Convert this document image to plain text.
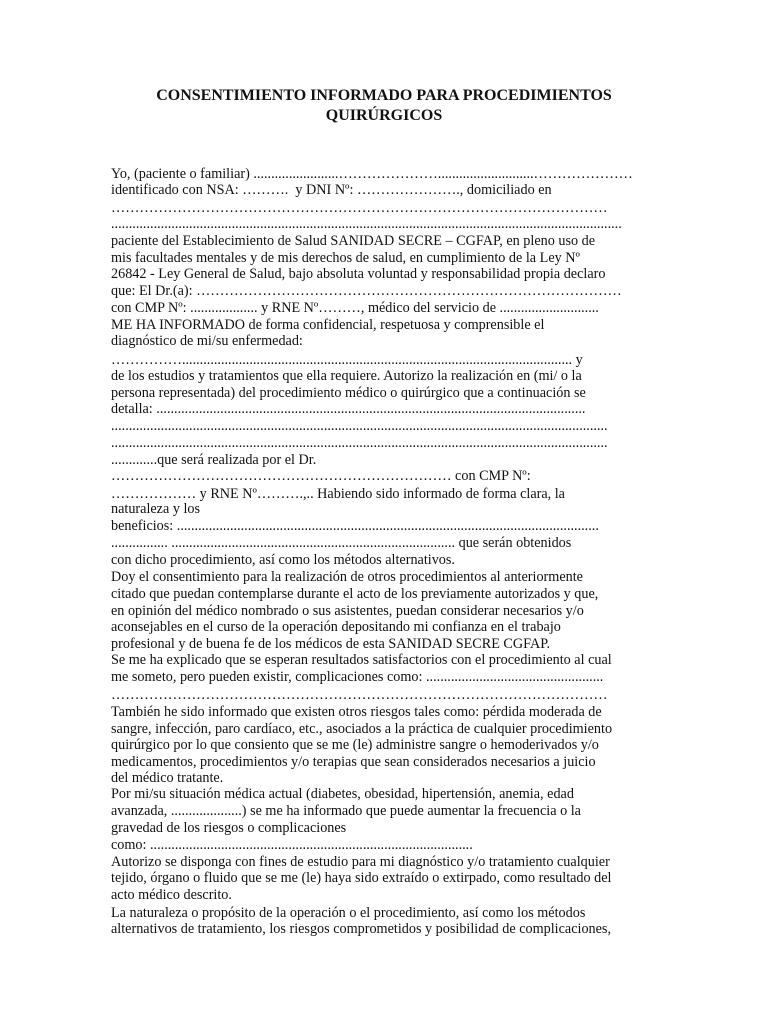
CONSENTIMIENTO INFORMADO PARA PROCEDIMIENTOS
QUIRÚRGICOS
Yo, (paciente o familiar) ........................…………………...........................…………………
identificado con NSA: ……….  y DNI Nº: …………………., domiciliado en
……………………………………………………………………………………………
................................................................................................................................................
paciente del Establecimiento de Salud SANIDAD SECRE – CGFAP, en pleno uso de
mis facultades mentales y de mis derechos de salud, en cumplimiento de la Ley Nº
26842 - Ley General de Salud, bajo absoluta voluntad y responsabilidad propia declaro
que: El Dr.(a): ………………………………………………………………………………
con CMP Nº: ................... y RNE Nº………, médico del servicio de ............................
ME HA INFORMADO de forma confidencial, respetuosa y comprensible el
diagnóstico de mi/su enfermedad:
…………….............................................................................................................. y
de los estudios y tratamientos que ella requiere. Autorizo la realización en (mi/ o la
persona representada) del procedimiento médico o quirúrgico que a continuación se
detalla: .........................................................................................................................
............................................................................................................................................
............................................................................................................................................
.............que será realizada por el Dr.
……………………………………………………………… con CMP Nº:
……………… y RNE Nº……….,.. Habiendo sido informado de forma clara, la
naturaleza y los
beneficios: .......................................................................................................................
................ ................................................................................ que serán obtenidos
con dicho procedimiento, así como los métodos alternativos.
Doy el consentimiento para la realización de otros procedimientos al anteriormente
citado que puedan contemplarse durante el acto de los previamente autorizados y que,
en opinión del médico nombrado o sus asistentes, puedan considerar necesarios y/o
aconsejables en el curso de la operación depositando mi confianza en el trabajo
profesional y de buena fe de los médicos de esta SANIDAD SECRE CGFAP.
Se me ha explicado que se esperan resultados satisfactorios con el procedimiento al cual
me someto, pero pueden existir, complicaciones como: ..................................................
……………………………………………………………………………………………
También he sido informado que existen otros riesgos tales como: pérdida moderada de
sangre, infección, paro cardíaco, etc., asociados a la práctica de cualquier procedimiento
quirúrgico por lo que consiento que se me (le) administre sangre o hemoderivados y/o
medicamentos, procedimientos y/o terapias que sean considerados necesarios a juicio
del médico tratante.
Por mi/su situación médica actual (diabetes, obesidad, hipertensión, anemia, edad
avanzada, ....................) se me ha informado que puede aumentar la frecuencia o la
gravedad de los riesgos o complicaciones
como: ...........................................................................................
Autorizo se disponga con fines de estudio para mi diagnóstico y/o tratamiento cualquier
tejido, órgano o fluido que se me (le) haya sido extraído o extirpado, como resultado del
acto médico descrito.
La naturaleza o propósito de la operación o el procedimiento, así como los métodos
alternativos de tratamiento, los riesgos comprometidos y posibilidad de complicaciones,
